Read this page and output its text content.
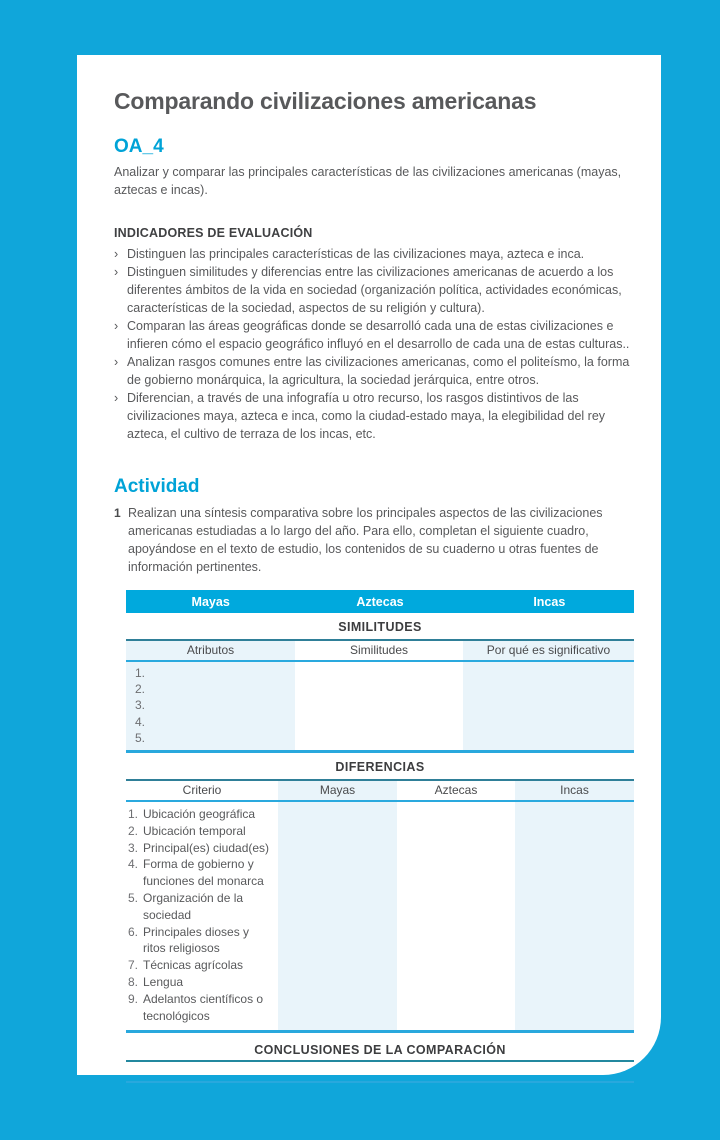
Comparando civilizaciones americanas
OA_4

Analizar y comparar las principales características de las civilizaciones americanas (mayas, aztecas e incas).

INDICADORES DE EVALUACIÓN
› Distinguen las principales características de las civilizaciones maya, azteca e inca.
› Distinguen similitudes y diferencias entre las civilizaciones americanas de acuerdo a los diferentes ámbitos de la vida en sociedad (organización política, actividades económicas, características de la sociedad, aspectos de su religión y cultura).
› Comparan las áreas geográficas donde se desarrolló cada una de estas civilizaciones e infieren cómo el espacio geográfico influyó en el desarrollo de cada una de estas culturas..
› Analizan rasgos comunes entre las civilizaciones americanas, como el politeísmo, la forma de gobierno monárquica, la agricultura, la sociedad jerárquica, entre otros.
› Diferencian, a través de una infografía u otro recurso, los rasgos distintivos de las civilizaciones maya, azteca e inca, como la ciudad-estado maya, la elegibilidad del rey azteca, el cultivo de terraza de los incas, etc.
Actividad
1 Realizan una síntesis comparativa sobre los principales aspectos de las civilizaciones americanas estudiadas a lo largo del año. Para ello, completan el siguiente cuadro, apoyándose en el texto de estudio, los contenidos de su cuaderno u otras fuentes de información pertinentes.
Mayas	Aztecas	Incas
SIMILITUDES
Atributos	Similitudes	Por qué es significativo
1.
2.
3.
4.
5.
DIFERENCIAS
Criterio	Mayas	Aztecas	Incas
1. Ubicación geográfica
2. Ubicación temporal
3. Principal(es) ciudad(es)
4. Forma de gobierno y funciones del monarca
5. Organización de la sociedad
6. Principales dioses y ritos religiosos
7. Técnicas agrícolas
8. Lengua
9. Adelantos científicos o tecnológicos
CONCLUSIONES DE LA COMPARACIÓN
